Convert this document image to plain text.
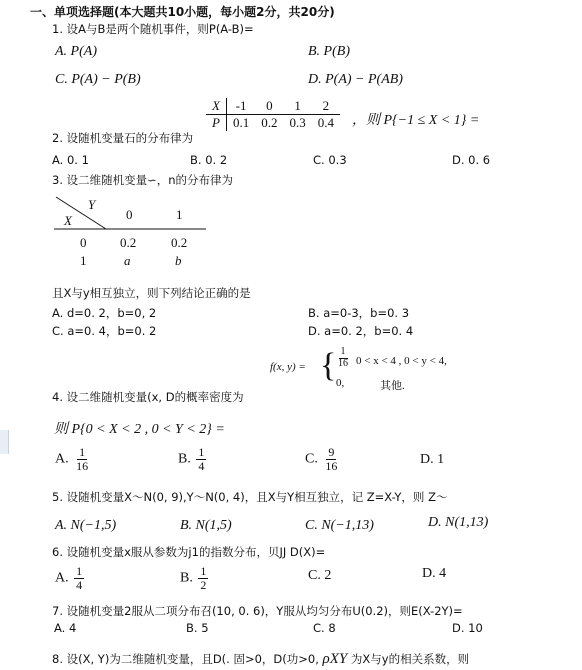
一、单项选择题(本大题共10小题，每小题2分，共20分)
1. 设A与B是两个随机事件，则P(A-B)=
A. P(A)	B. P(B)
C. P(A) − P(B)	D. P(A) − P(AB)
X	-1	0	1	2
P	0.1	0.2	0.3	0.4 ，则 P{−1 ≤ X < 1} =
2. 设随机变量石的分布律为
A. 0. 1	B. 0. 2	C. 0.3	D. 0. 6
3. 设二维随机变量∽，n的分布律为
Y
X	0	1
0	0.2	0.2
1	a	b
且X与y相互独立，则下列结论正确的是
A. d=0. 2，b=0, 2	B. a=0-3，b=0. 3
C. a=0. 4，b=0. 2	D. a=0. 2，b=0. 4
f(x, y) = { $\frac{1}{16} 0 < x < 4$ , 0 < y < 4,
0,	其他.
4. 设二维随机变量(x, D的概率密度为
则 P{0 < X < 2 , 0 < Y < 2} =
A. $\frac{1}{16}$	B. $\frac{1}{4}$	C. $\frac{9}{16}$	D. 1
5. 设随机变量X～N(0, 9),Y～N(0, 4)，且X与Y相互独立，记 Z=X-Y，则 Z～
A. N(−1,5)	B. N(1,5)	C. N(−1,13)	D. N(1,13)
6. 设随机变量x服从参数为j1的指数分布，贝JJ D(X)=
A. $\frac{1}{4}$	B. $\frac{1}{2}$	C. 2	D. 4
7. 设随机变量2服从二项分布召(10, 0. 6)，Y服从均匀分布U(0.2)，则E(X-2Y)=
A. 4	B. 5	C. 8	D. 10
8. 设(X, Y)为二维随机变量，且D(. 固>0，D(功>0, ρXY 为X与y的相关系数，则
